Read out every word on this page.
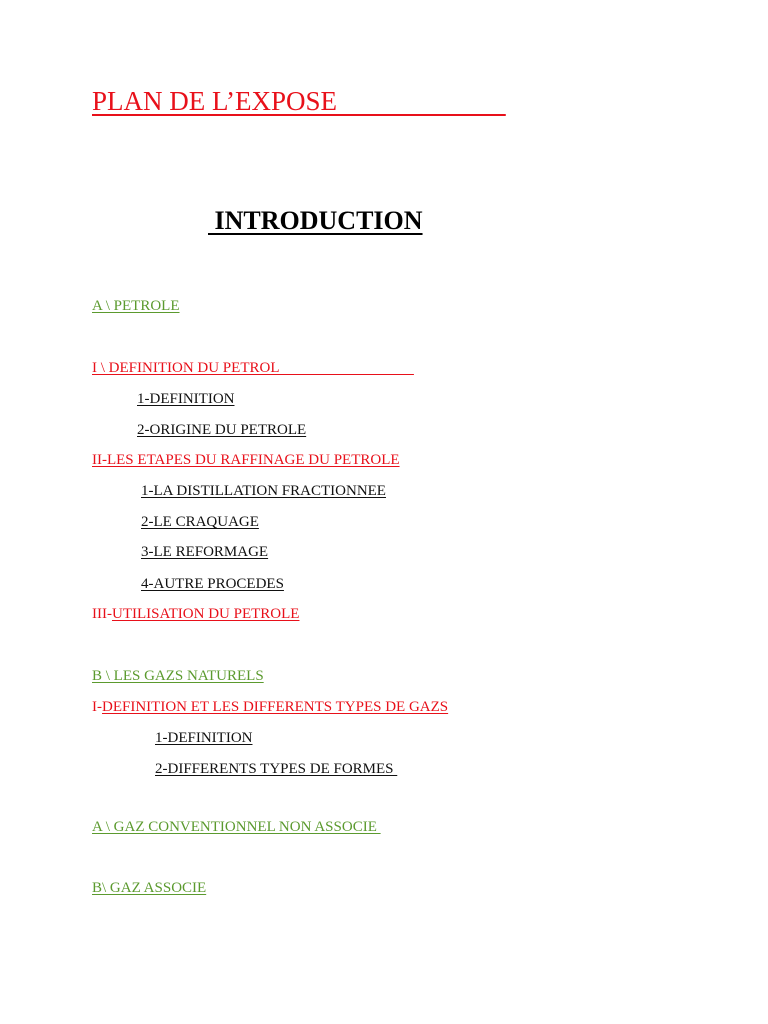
PLAN DE L’EXPOSE
INTRODUCTION
A \ PETROLE
I \ DEFINITION DU PETROL
1-DEFINITION
2-ORIGINE DU PETROLE
II-LES ETAPES DU RAFFINAGE DU PETROLE
1-LA DISTILLATION FRACTIONNEE
2-LE CRAQUAGE
3-LE REFORMAGE
4-AUTRE PROCEDES
III-UTILISATION DU PETROLE
B \ LES GAZS NATURELS
I-DEFINITION ET LES DIFFERENTS TYPES DE GAZS
1-DEFINITION
2-DIFFERENTS TYPES DE FORMES
A \ GAZ CONVENTIONNEL NON ASSOCIE
B\ GAZ ASSOCIE
